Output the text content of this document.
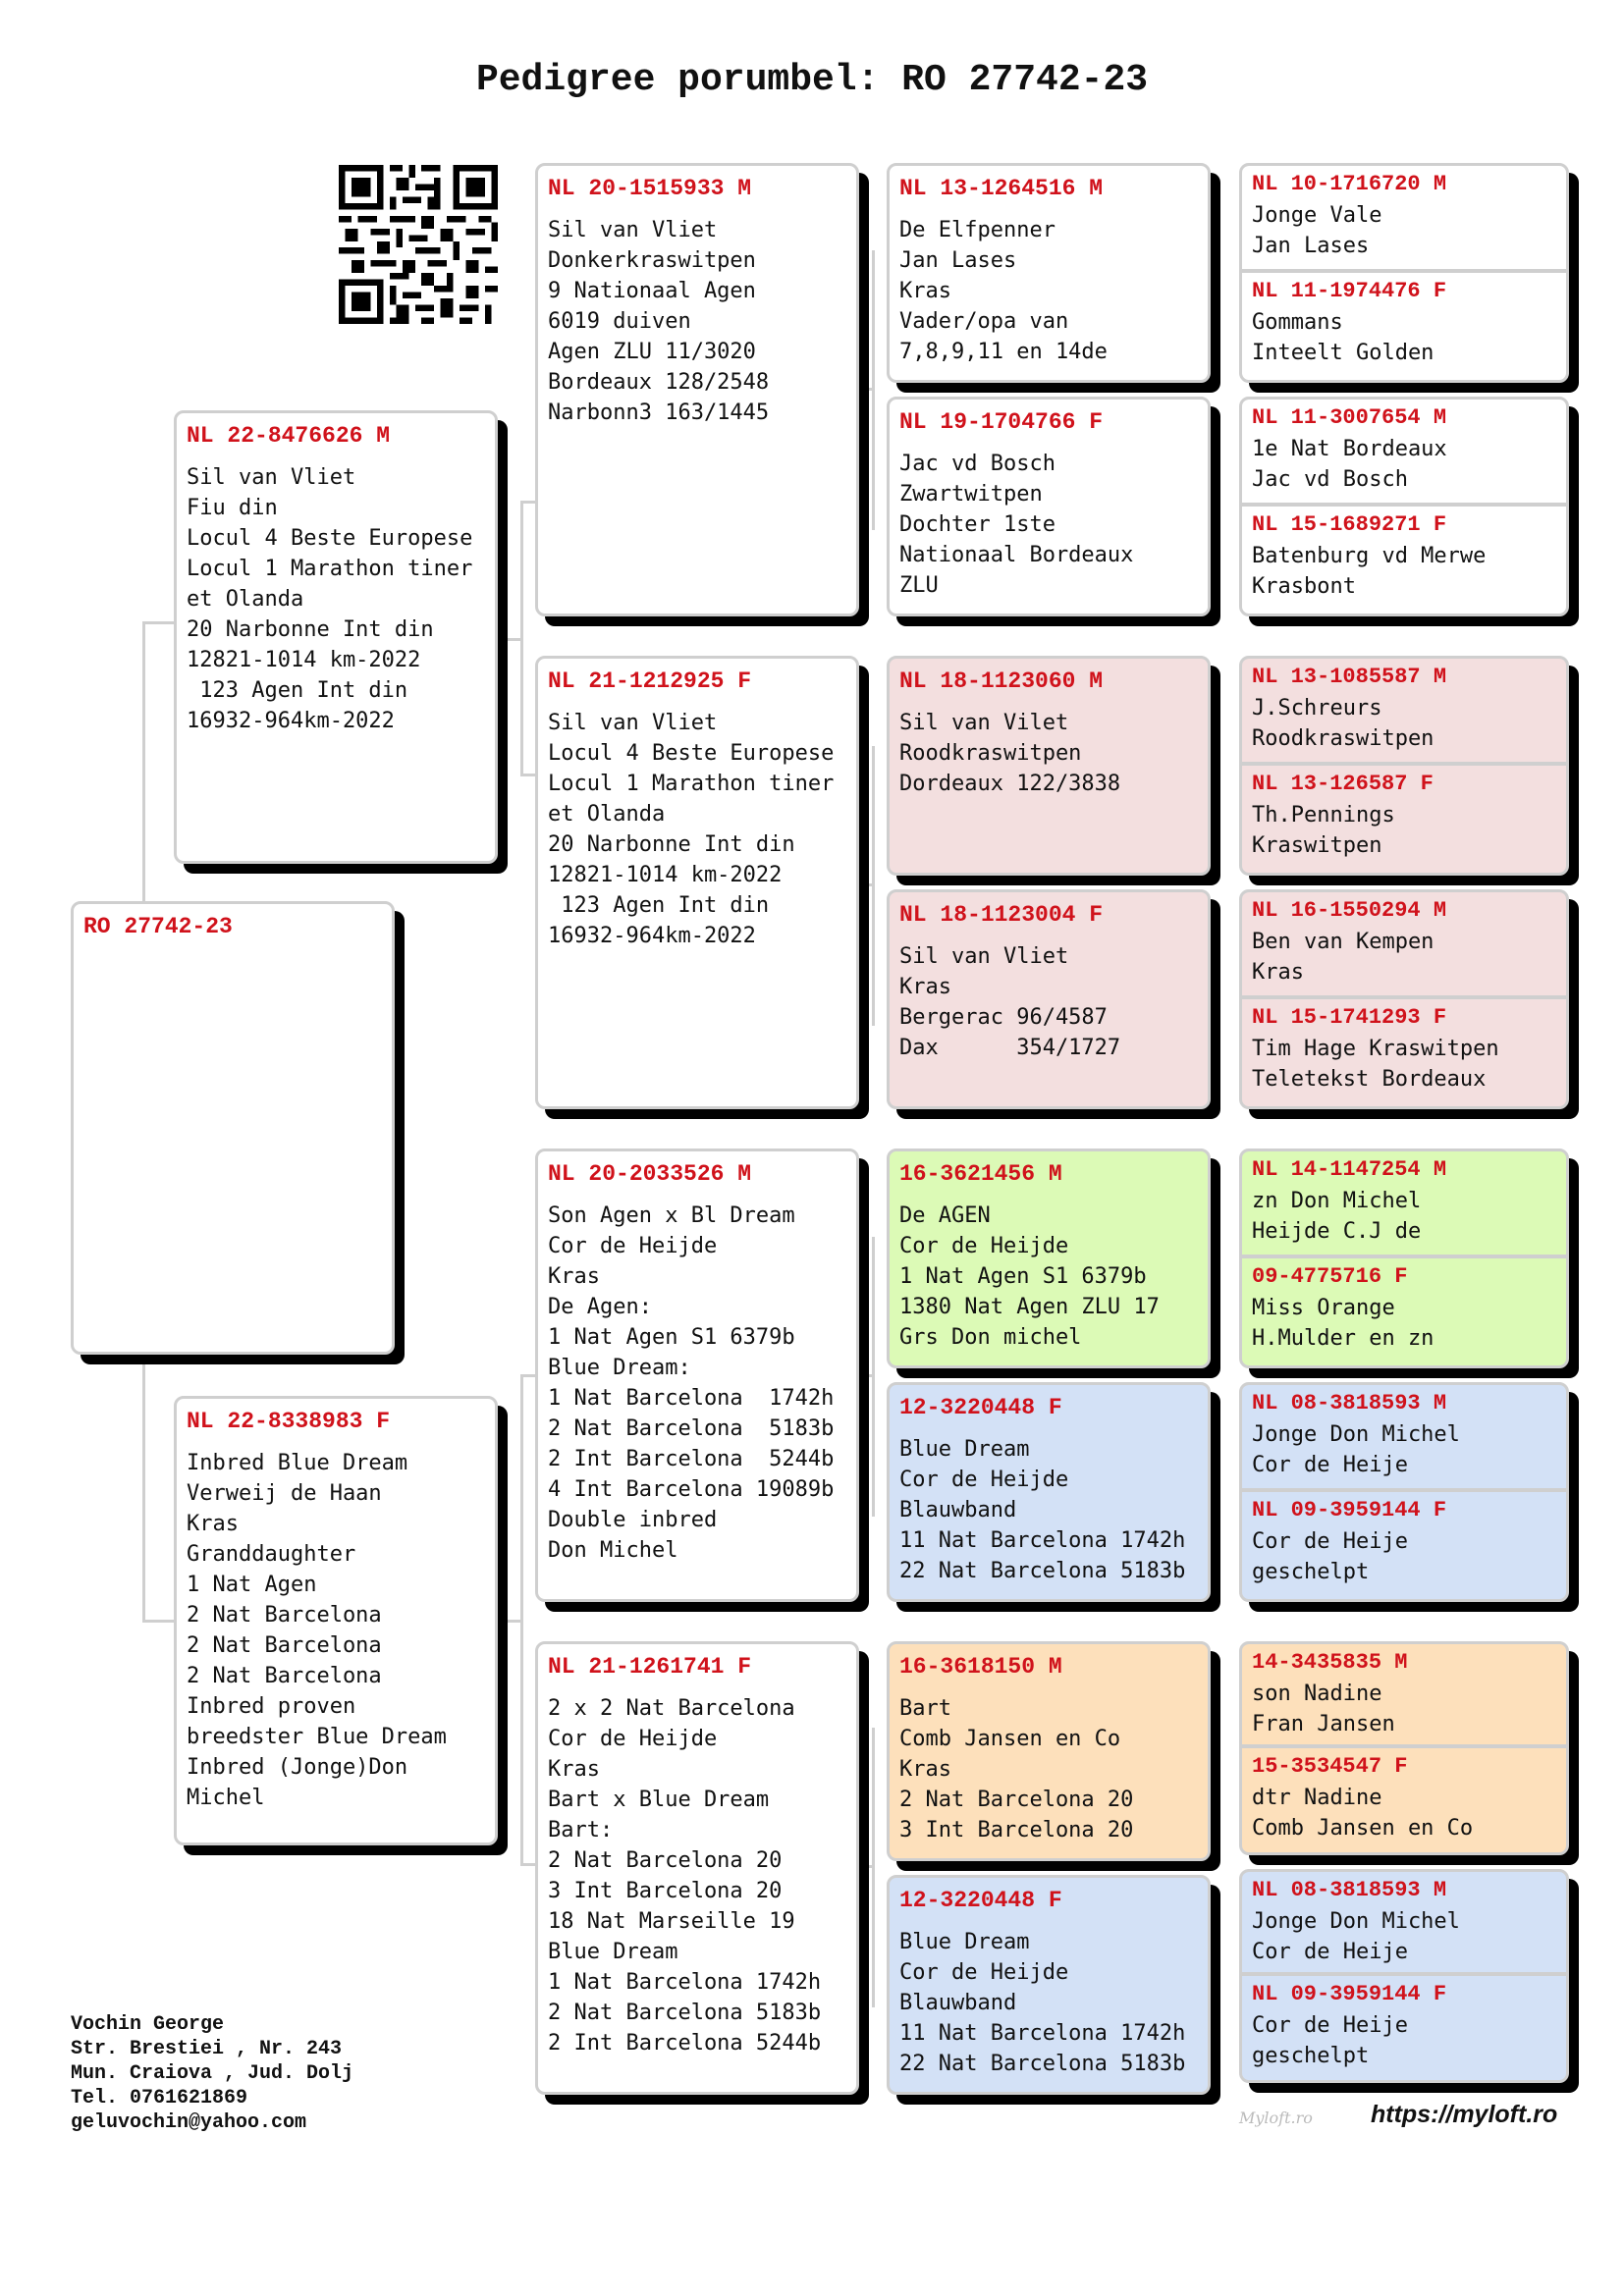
Pedigree porumbel: RO 27742-23
RO 27742-23
NL 22-8476626 M
Sil van Vliet
Fiu din
Locul 4 Beste Europese
Locul 1 Marathon tiner
et Olanda
20 Narbonne Int din
12821-1014 km-2022
123 Agen Int din
16932-964km-2022
NL 22-8338983 F
Inbred Blue Dream
Verweij de Haan
Kras
Granddaughter
1 Nat Agen
2 Nat Barcelona
2 Nat Barcelona
2 Nat Barcelona
Inbred proven
breedster Blue Dream
Inbred (Jonge)Don
Michel
NL 20-1515933 M
Sil van Vliet
Donkerkraswitpen
9 Nationaal Agen
6019 duiven
Agen ZLU 11/3020
Bordeaux 128/2548
Narbonn3 163/1445
NL 21-1212925 F
Sil van Vliet
Locul 4 Beste Europese
Locul 1 Marathon tiner
et Olanda
20 Narbonne Int din
12821-1014 km-2022
123 Agen Int din
16932-964km-2022
NL 20-2033526 M
Son Agen x Bl Dream
Cor de Heijde
Kras
De Agen:
1 Nat Agen S1 6379b
Blue Dream:
1 Nat Barcelona  1742h
2 Nat Barcelona  5183b
2 Int Barcelona  5244b
4 Int Barcelona 19089b
Double inbred
Don Michel
NL 21-1261741 F
2 x 2 Nat Barcelona
Cor de Heijde
Kras
Bart x Blue Dream
Bart:
2 Nat Barcelona 20
3 Int Barcelona 20
18 Nat Marseille 19
Blue Dream
1 Nat Barcelona 1742h
2 Nat Barcelona 5183b
2 Int Barcelona 5244b
NL 13-1264516 M
De Elfpenner
Jan Lases
Kras
Vader/opa van
7,8,9,11 en 14de
NL 19-1704766 F
Jac vd Bosch
Zwartwitpen
Dochter 1ste
Nationaal Bordeaux
ZLU
NL 18-1123060 M
Sil van Vilet
Roodkraswitpen
Dordeaux 122/3838
NL 18-1123004 F
Sil van Vliet
Kras
Bergerac 96/4587
Dax      354/1727
16-3621456 M
De AGEN
Cor de Heijde
1 Nat Agen S1 6379b
1380 Nat Agen ZLU 17
Grs Don michel
12-3220448 F
Blue Dream
Cor de Heijde
Blauwband
11 Nat Barcelona 1742h
22 Nat Barcelona 5183b
16-3618150 M
Bart
Comb Jansen en Co
Kras
2 Nat Barcelona 20
3 Int Barcelona 20
12-3220448 F
Blue Dream
Cor de Heijde
Blauwband
11 Nat Barcelona 1742h
22 Nat Barcelona 5183b
NL 10-1716720 M
Jonge Vale
Jan Lases
NL 11-1974476 F
Gommans
Inteelt Golden
NL 11-3007654 M
1e Nat Bordeaux
Jac vd Bosch
NL 15-1689271 F
Batenburg vd Merwe
Krasbont
NL 13-1085587 M
J.Schreurs
Roodkraswitpen
NL 13-126587 F
Th.Pennings
Kraswitpen
NL 16-1550294 M
Ben van Kempen
Kras
NL 15-1741293 F
Tim Hage Kraswitpen
Teletekst Bordeaux
NL 14-1147254 M
zn Don Michel
Heijde C.J de
09-4775716 F
Miss Orange
H.Mulder en zn
NL 08-3818593 M
Jonge Don Michel
Cor de Heije
NL 09-3959144 F
Cor de Heije
geschelpt
14-3435835 M
son Nadine
Fran Jansen
15-3534547 F
dtr Nadine
Comb Jansen en Co
NL 08-3818593 M
Jonge Don Michel
Cor de Heije
NL 09-3959144 F
Cor de Heije
geschelpt
Vochin George
Str. Brestiei , Nr. 243
Mun. Craiova , Jud. Dolj
Tel. 0761621869
geluvochin@yahoo.com	Myloft.ro	https://myloft.ro
